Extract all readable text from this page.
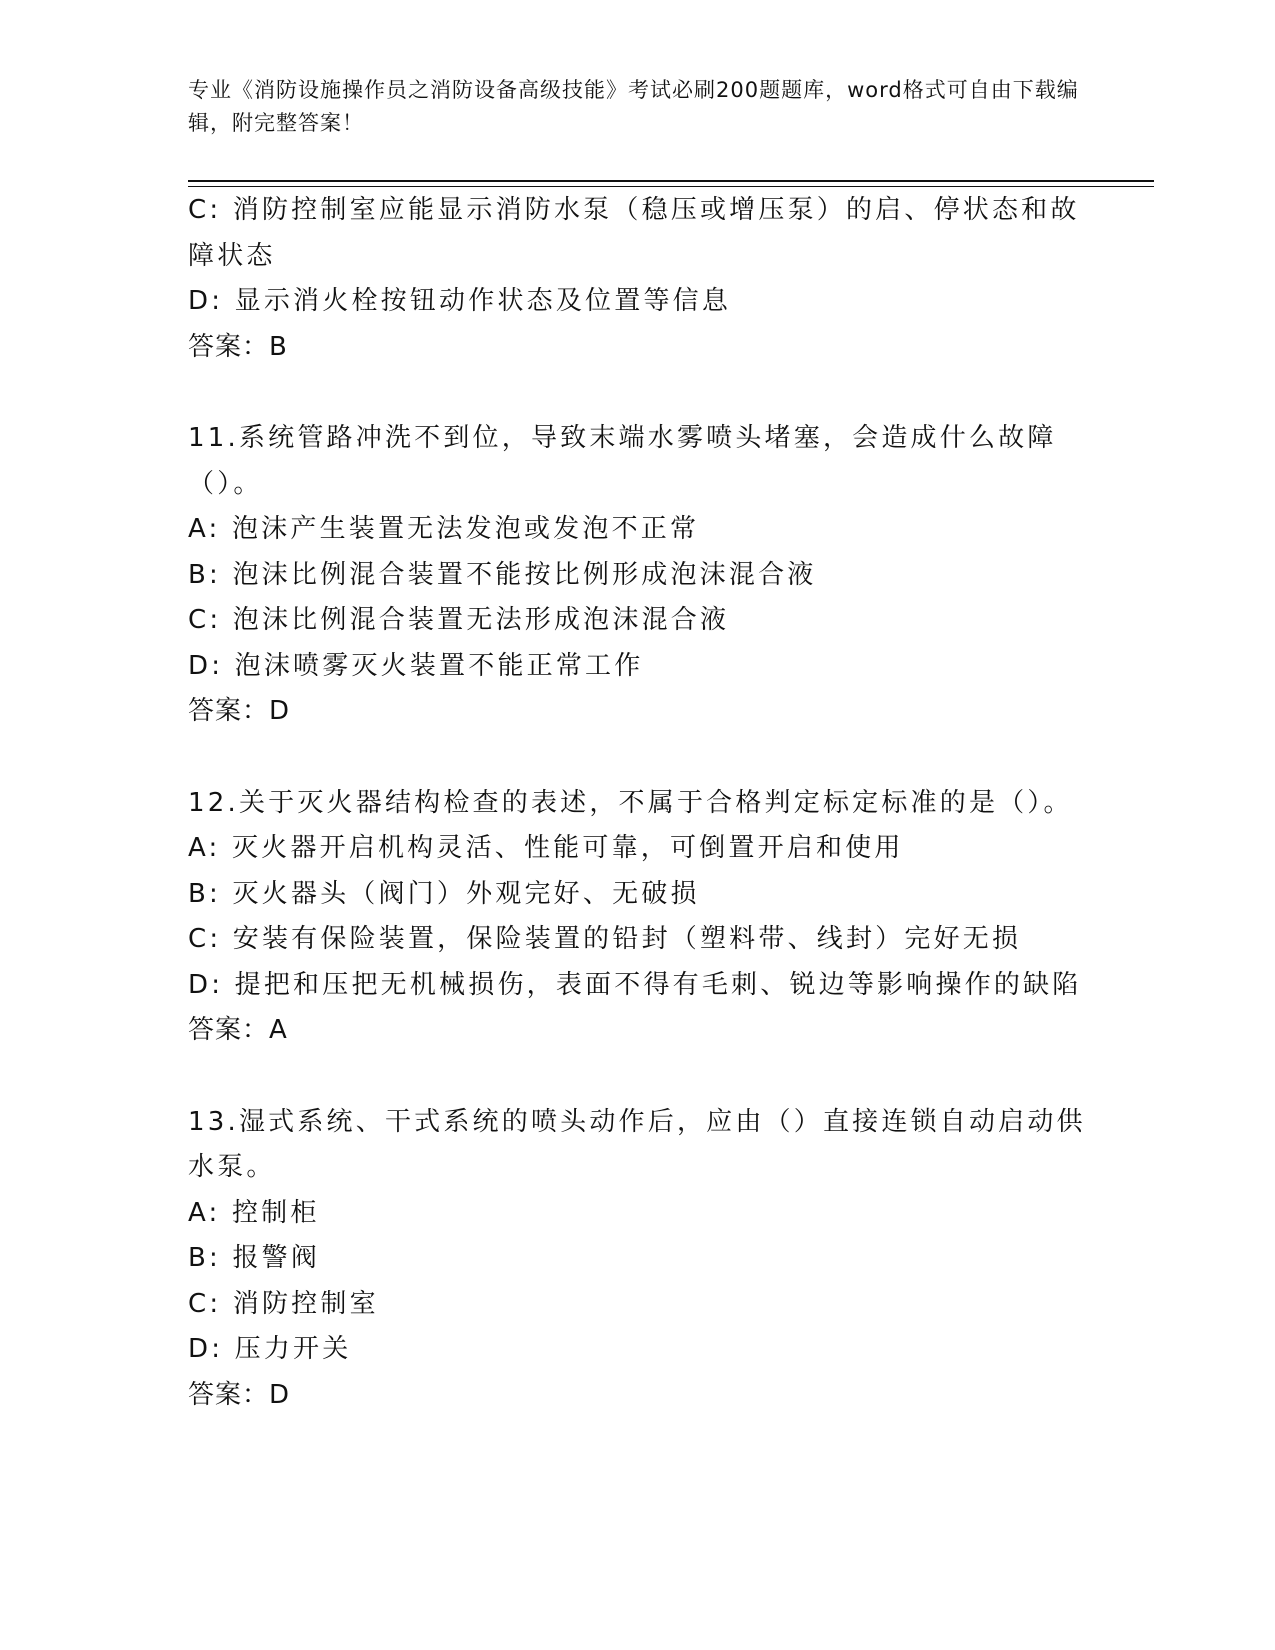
专业《消防设施操作员之消防设备高级技能》考试必刷200题题库，word格式可自由下载编辑，附完整答案！
C: 消防控制室应能显示消防水泵（稳压或增压泵）的启、停状态和故障状态
D: 显示消火栓按钮动作状态及位置等信息
答案：B
11.系统管路冲洗不到位，导致末端水雾喷头堵塞，会造成什么故障（）。
A: 泡沫产生装置无法发泡或发泡不正常
B: 泡沫比例混合装置不能按比例形成泡沫混合液
C: 泡沫比例混合装置无法形成泡沫混合液
D: 泡沫喷雾灭火装置不能正常工作
答案：D
12.关于灭火器结构检查的表述，不属于合格判定标定标准的是（）。
A: 灭火器开启机构灵活、性能可靠，可倒置开启和使用
B: 灭火器头（阀门）外观完好、无破损
C: 安装有保险装置，保险装置的铅封（塑料带、线封）完好无损
D: 提把和压把无机械损伤，表面不得有毛刺、锐边等影响操作的缺陷
答案：A
13.湿式系统、干式系统的喷头动作后，应由（）直接连锁自动启动供水泵。
A: 控制柜
B: 报警阀
C: 消防控制室
D: 压力开关
答案：D
